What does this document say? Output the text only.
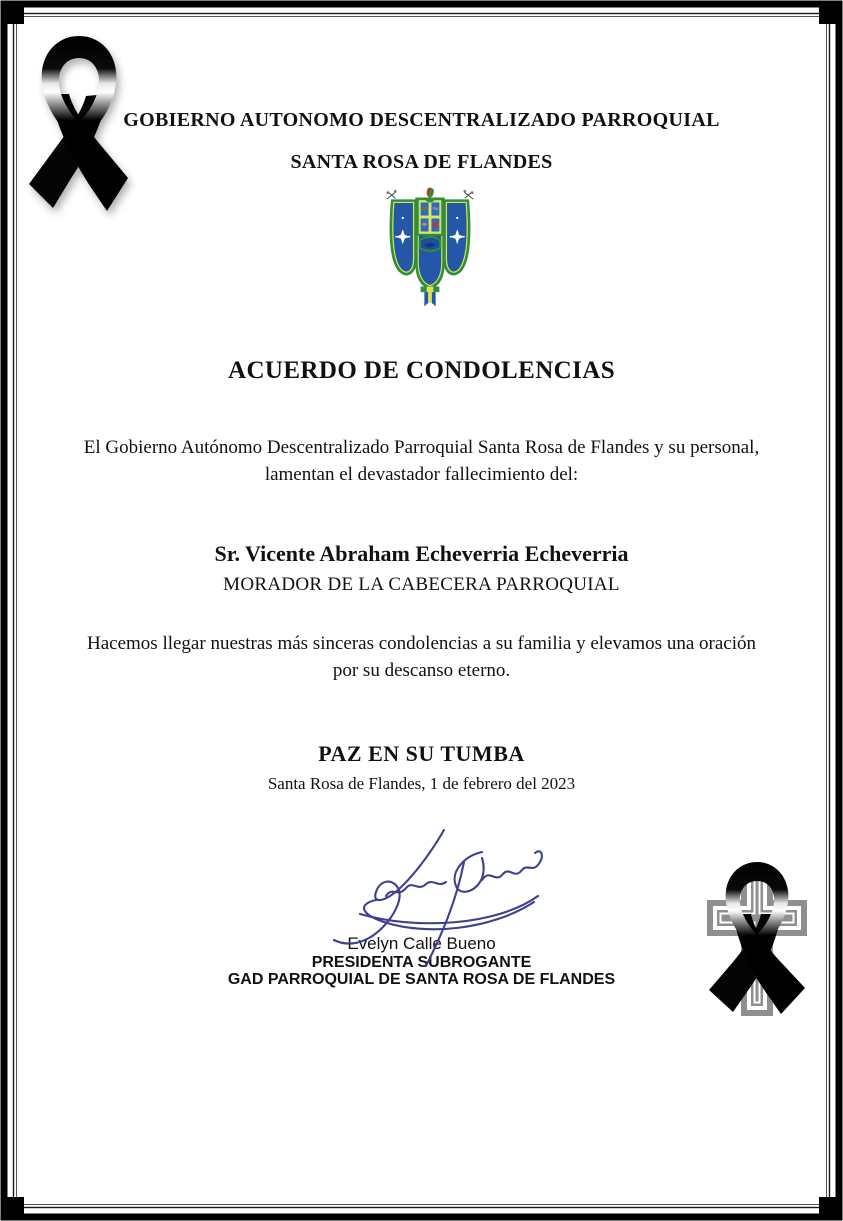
GOBIERNO AUTONOMO DESCENTRALIZADO PARROQUIAL
SANTA ROSA DE FLANDES
ACUERDO DE CONDOLENCIAS
El Gobierno Autónomo Descentralizado Parroquial Santa Rosa de Flandes y su personal, lamentan el devastador fallecimiento del:
Sr. Vicente Abraham Echeverria Echeverria
MORADOR DE LA CABECERA PARROQUIAL
Hacemos llegar nuestras más sinceras condolencias a su familia y elevamos una oración por su descanso eterno.
PAZ EN SU TUMBA
Santa Rosa de Flandes, 1 de febrero del 2023
Evelyn Calle Bueno
PRESIDENTA SUBROGANTE
GAD PARROQUIAL DE SANTA ROSA DE FLANDES
